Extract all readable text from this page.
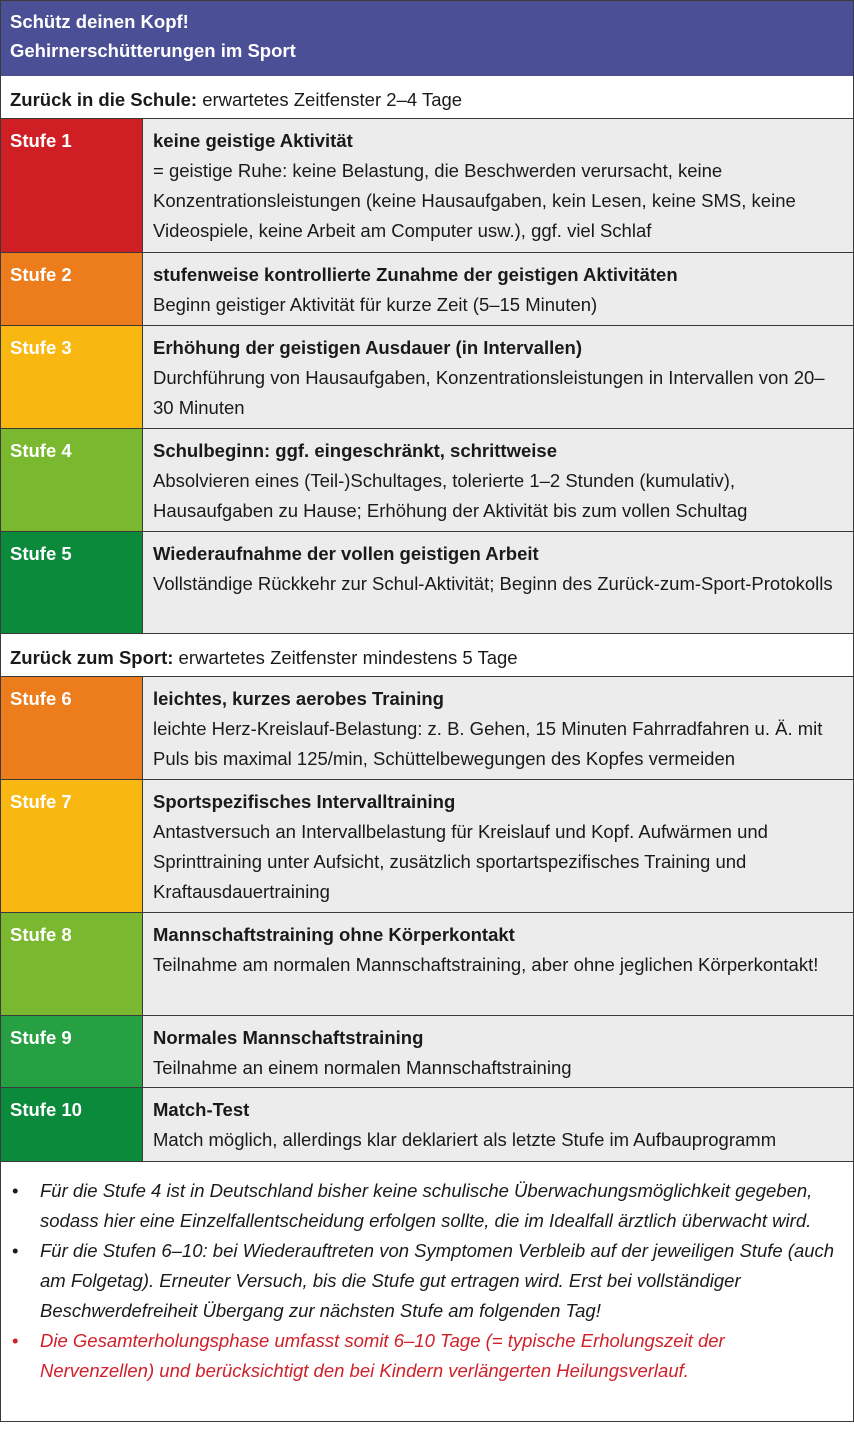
Schütz deinen Kopf!
Gehirnerschütterungen im Sport
Zurück in die Schule: erwartetes Zeitfenster 2–4 Tage
Stufe 1	keine geistige Aktivität
= geistige Ruhe: keine Belastung, die Beschwerden verursacht, keine Konzentrationsleistungen (keine Hausaufgaben, kein Lesen, keine SMS, keine Videospiele, keine Arbeit am Computer usw.), ggf. viel Schlaf
Stufe 2	stufenweise kontrollierte Zunahme der geistigen Aktivitäten
Beginn geistiger Aktivität für kurze Zeit (5–15 Minuten)
Stufe 3	Erhöhung der geistigen Ausdauer (in Intervallen)
Durchführung von Hausaufgaben, Konzentrationsleistungen in Intervallen von 20–30 Minuten
Stufe 4	Schulbeginn: ggf. eingeschränkt, schrittweise
Absolvieren eines (Teil-)Schultages, tolerierte 1–2 Stunden (kumulativ), Hausaufgaben zu Hause; Erhöhung der Aktivität bis zum vollen Schultag
Stufe 5	Wiederaufnahme der vollen geistigen Arbeit
Vollständige Rückkehr zur Schul-Aktivität; Beginn des Zurück-zum-Sport-Protokolls
Zurück zum Sport: erwartetes Zeitfenster mindestens 5 Tage
Stufe 6	leichtes, kurzes aerobes Training
leichte Herz-Kreislauf-Belastung: z. B. Gehen, 15 Minuten Fahrradfahren u. Ä. mit Puls bis maximal 125/min, Schüttelbewegungen des Kopfes vermeiden
Stufe 7	Sportspezifisches Intervalltraining
Antastversuch an Intervallbelastung für Kreislauf und Kopf. Aufwärmen und Sprinttraining unter Aufsicht, zusätzlich sportartspezifisches Training und Kraftausdauertraining
Stufe 8	Mannschaftstraining ohne Körperkontakt
Teilnahme am normalen Mannschaftstraining, aber ohne jeglichen Körperkontakt!
Stufe 9	Normales Mannschaftstraining
Teilnahme an einem normalen Mannschaftstraining
Stufe 10	Match-Test
Match möglich, allerdings klar deklariert als letzte Stufe im Aufbauprogramm
• Für die Stufe 4 ist in Deutschland bisher keine schulische Überwachungsmöglichkeit gegeben, sodass hier eine Einzelfallentscheidung erfolgen sollte, die im Idealfall ärztlich überwacht wird.
• Für die Stufen 6–10: bei Wiederauftreten von Symptomen Verbleib auf der jeweiligen Stufe (auch am Folgetag). Erneuter Versuch, bis die Stufe gut ertragen wird. Erst bei vollständiger Beschwerdefreiheit Übergang zur nächsten Stufe am folgenden Tag!
• Die Gesamterholungsphase umfasst somit 6–10 Tage (= typische Erholungszeit der Nervenzellen) und berücksichtigt den bei Kindern verlängerten Heilungsverlauf.
